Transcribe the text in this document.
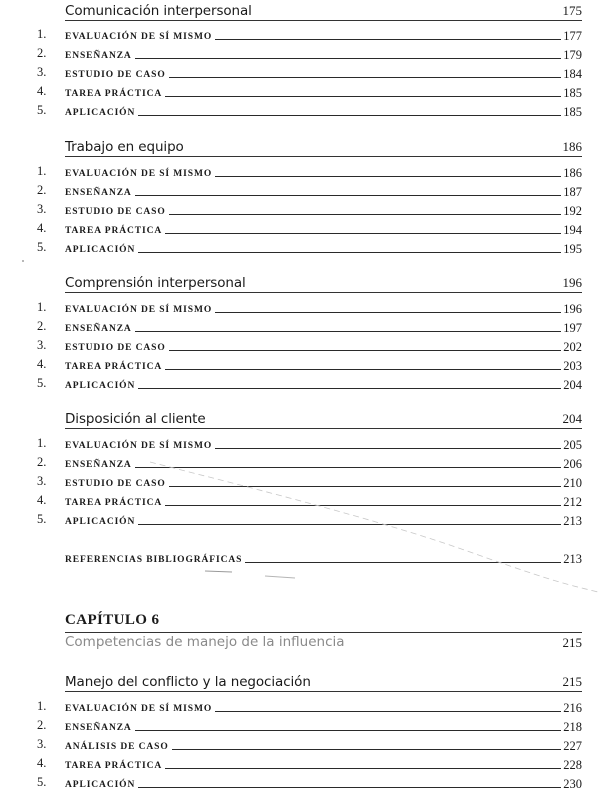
Comunicación interpersonal	175
1. EVALUACIÓN DE SÍ MISMO	177
2. ENSEÑANZA	179
3. ESTUDIO DE CASO	184
4. TAREA PRÁCTICA	185
5. APLICACIÓN	185
Trabajo en equipo	186
1. EVALUACIÓN DE SÍ MISMO	186
2. ENSEÑANZA	187
3. ESTUDIO DE CASO	192
4. TAREA PRÁCTICA	194
5. APLICACIÓN	195
Comprensión interpersonal	196
1. EVALUACIÓN DE SÍ MISMO	196
2. ENSEÑANZA	197
3. ESTUDIO DE CASO	202
4. TAREA PRÁCTICA	203
5. APLICACIÓN	204
Disposición al cliente	204
1. EVALUACIÓN DE SÍ MISMO	205
2. ENSEÑANZA	206
3. ESTUDIO DE CASO	210
4. TAREA PRÁCTICA	212
5. APLICACIÓN	213
REFERENCIAS BIBLIOGRÁFICAS	213
CAPÍTULO 6
Competencias de manejo de la influencia	215
Manejo del conflicto y la negociación	215
1. EVALUACIÓN DE SÍ MISMO	216
2. ENSEÑANZA	218
3. ANÁLISIS DE CASO	227
4. TAREA PRÁCTICA	228
5. APLICACIÓN	230
